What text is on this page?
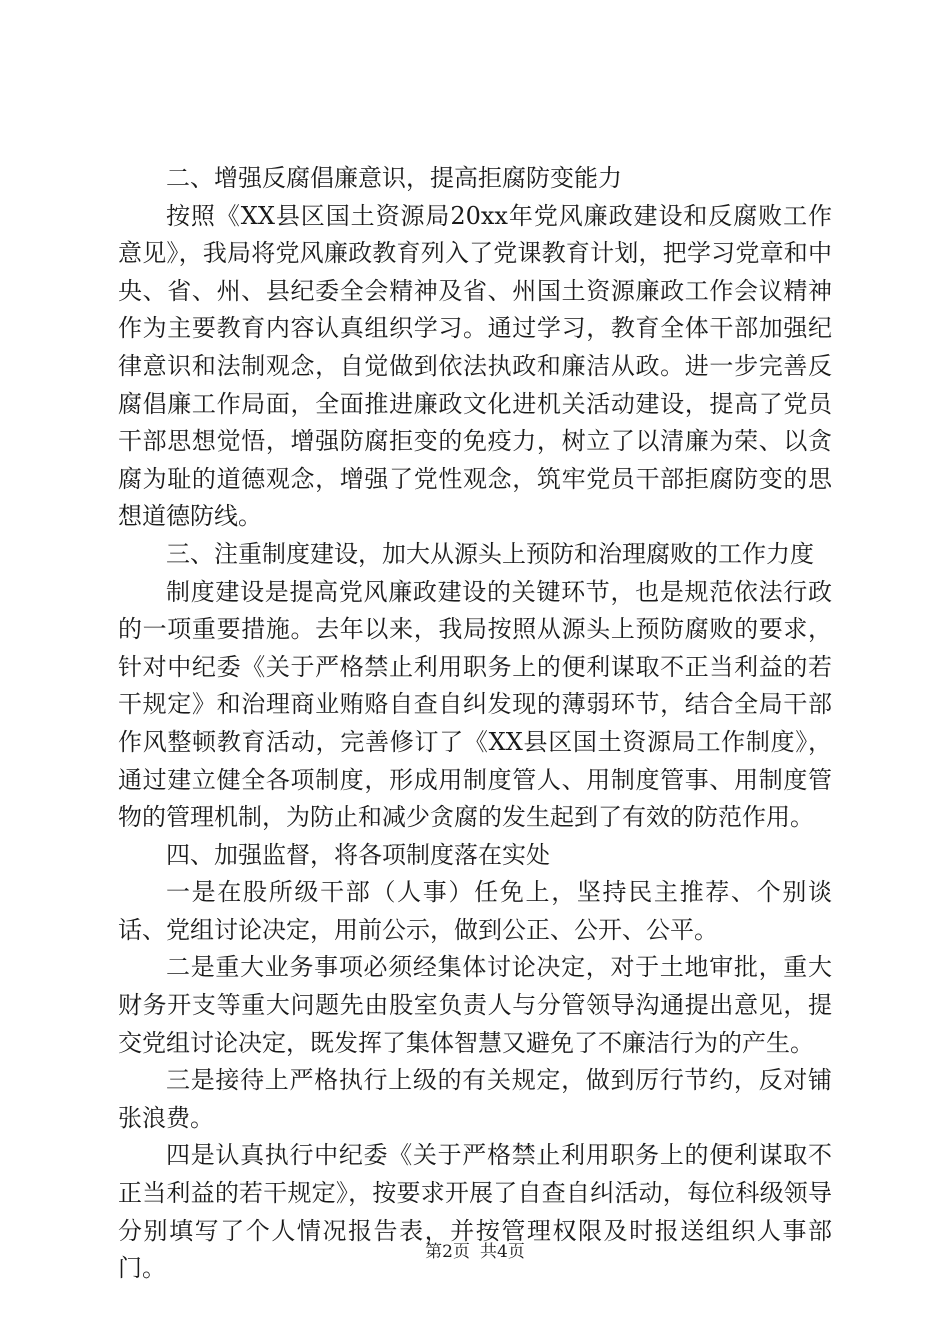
二、增强反腐倡廉意识，提高拒腐防变能力

按照《XX县区国土资源局20xx年党风廉政建设和反腐败工作意见》，我局将党风廉政教育列入了党课教育计划，把学习党章和中央、省、州、县纪委全会精神及省、州国土资源廉政工作会议精神作为主要教育内容认真组织学习。通过学习，教育全体干部加强纪律意识和法制观念，自觉做到依法执政和廉洁从政。进一步完善反腐倡廉工作局面，全面推进廉政文化进机关活动建设，提高了党员干部思想觉悟，增强防腐拒变的免疫力，树立了以清廉为荣、以贪腐为耻的道德观念，增强了党性观念，筑牢党员干部拒腐防变的思想道德防线。

三、注重制度建设，加大从源头上预防和治理腐败的工作力度

制度建设是提高党风廉政建设的关键环节，也是规范依法行政的一项重要措施。去年以来，我局按照从源头上预防腐败的要求，针对中纪委《关于严格禁止利用职务上的便利谋取不正当利益的若干规定》和治理商业贿赂自查自纠发现的薄弱环节，结合全局干部作风整顿教育活动，完善修订了《XX县区国土资源局工作制度》，通过建立健全各项制度，形成用制度管人、用制度管事、用制度管物的管理机制，为防止和减少贪腐的发生起到了有效的防范作用。

四、加强监督，将各项制度落在实处

一是在股所级干部（人事）任免上，坚持民主推荐、个别谈话、党组讨论决定，用前公示，做到公正、公开、公平。

二是重大业务事项必须经集体讨论决定，对于土地审批，重大财务开支等重大问题先由股室负责人与分管领导沟通提出意见，提交党组讨论决定，既发挥了集体智慧又避免了不廉洁行为的产生。

三是接待上严格执行上级的有关规定，做到厉行节约，反对铺张浪费。

四是认真执行中纪委《关于严格禁止利用职务上的便利谋取不正当利益的若干规定》，按要求开展了自查自纠活动，每位科级领导分别填写了个人情况报告表，并按管理权限及时报送组织人事部门。

第2页 共4页
